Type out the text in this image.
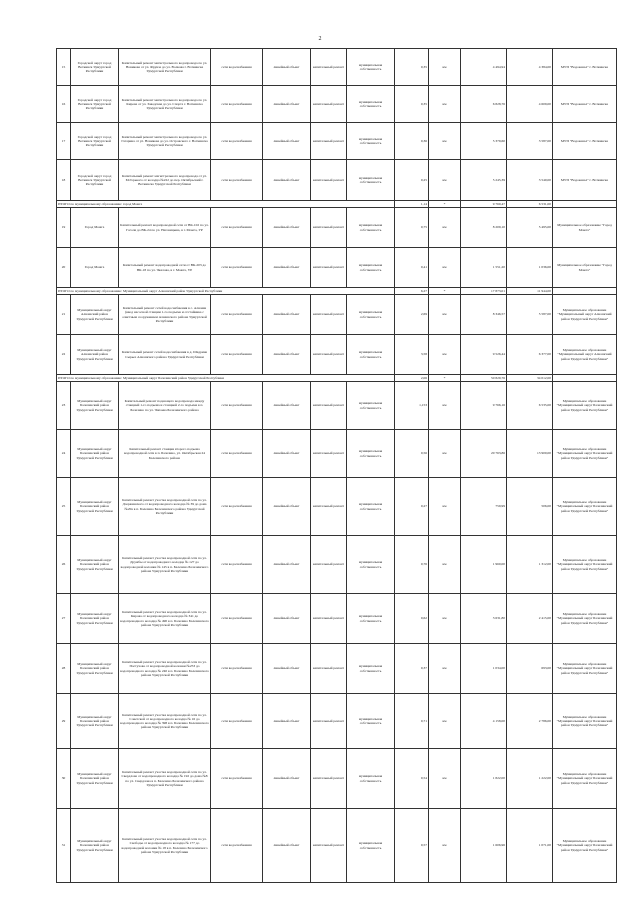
2
15	Городской округ город Воткинск Удмуртской Республики	Капитальный ремонт магистрального водопровода по ул. Новикова от ул. Фрунзе до ул. Волкова г. Воткинска Удмуртской Республики	сети водоснабжения	линейный объект	капитальный ремонт	муниципальная собственность	0,35	км	4 494,94	4 384,00	МУП "Водоканал" г. Воткинска
16	Городской округ город Воткинск Удмуртской Республики	Капитальный ремонт магистрального водопровода по ул. Кирова от ул. Заводская до ул. Спорта г. Воткинска Удмуртской Республики	сети водоснабжения	линейный объект	капитальный ремонт	муниципальная собственность	0,35	км	6 828,76	4 609,00	МУП "Водоканал" г. Воткинска
17	Городской округ город Воткинск Удмуртской Республики	Капитальный ремонт магистрального водопровода по ул. Гагарина от ул. Новикова до ул. Островского г. Воткинска Удмуртской Республики	сети водоснабжения	линейный объект	капитальный ремонт	муниципальная собственность	0,36	км	5 379,60	3 587,00	МУП "Водоканал" г. Воткинска
18	Городской округ город Воткинск Удмуртской Республики	Капитальный ремонт магистрального водопровода от ул. М.Горького от колодца №222 до пер. Октябрьский г. Воткинска Удмуртской Республики	сети водоснабжения	линейный объект	капитальный ремонт	муниципальная собственность	0,25	км	5 245,39	3 540,00	МУП "Водоканал" г. Воткинска
ИТОГО по муниципальному образованию: город Можга							1,14	*	9 760,47	6 531,00	
19	Город Можга	Капитальный ремонт водопроводной сети от ВК-102 по ул. Гоголя до ВК-24 по ул. Наговицына, в г. Можга, УР	сети водоснабжения	линейный объект	капитальный ремонт	муниципальная собственность	0,75	км	8 209,10	5 495,00	Муниципальное образование "Город Можга"
20	Город Можга	Капитальный ремонт водопроводной сети от ВК-203 до ВК-18 по ул. Чкалова, в г. Можга, УР	сети водоснабжения	линейный объект	капитальный ремонт	муниципальная собственность	0,41	км	1 551,20	1 036,00	Муниципальное образование "Город Можга"
ИТОГО по муниципальному образованию: Муниципальный округ Алнашский район Удмуртской Республики							6,27	*	17 873,01	11 944,00	
21	Муниципальный округ Алнашский район Удмуртской Республики	Капитальный ремонт сетей водоснабжения в с. Алнаши (ввод насосной станции 1-го подъема и отстойника с очистным сооружением Алнашского района Удмуртской Республики	сети водоснабжения	линейный объект	капитальный ремонт	муниципальная собственность	2,69	км	8 346,57	5 587,00	Муниципальное образование "Муниципальный округ Алнашский район Удмуртской Республики"
22	Муниципальный округ Алнашский район Удмуртской Республики	Капитальный ремонт сетей водоснабжения в д. Шадрина Сырьез Алнашского района Удмуртской Республики	сети водоснабжения	линейный объект	капитальный ремонт	муниципальная собственность	3,58	км	9 526,44	6 377,00	Муниципальное образование "Муниципальный округ Алнашский район Удмуртской Республики"
ИТОГО по муниципальному образованию: Муниципальный округ Балезинский район Удмуртской Республики							2,06	*	50 829,76	34 012,00	
23	Муниципальный округ Балезинский район Удмуртской Республики	Капитальный ремонт подающего водопровода между станцией 1-го подъема и станцией 2-го подъема в п. Балезино по ул. Чапаева Балезинского района	сети водоснабжения	линейный объект	капитальный ремонт	муниципальная собственность	1,153	км	9 766,16	6 535,00	Муниципальное образование "Муниципальный округ Балезинский район Удмуртской Республики"
24	Муниципальный округ Балезинский район Удмуртской Республики	Капитальный ремонт станции второго подъема водопроводной сети в п. Балезино, ул. Октябрьская 24 Балезинского района	сети водоснабжения	линейный объект	капитальный ремонт	муниципальная собственность	0,56	км	20 763,86	13 900,00	Муниципальное образование "Муниципальный округ Балезинский район Удмуртской Республики"
25	Муниципальный округ Балезинский район Удмуртской Республики	Капитальный ремонт участка водопроводной сети по ул. Дзержинского от водопроводного колодца № 39 до дома №20а в п. Балезино Балезинского района Удмуртской Республики	сети водоснабжения	линейный объект	капитальный ремонт	муниципальная собственность	0,27	км	759,99	506,00	Муниципальное образование "Муниципальный округ Балезинский район Удмуртской Республики"
26	Муниципальный округ Балезинский район Удмуртской Республики	Капитальный ремонт участка водопроводной сети по ул. Дружбы от водопроводного колодца № 127 до водопроводной колонки № 145 в п. Балезино Балезинского района Удмуртской Республики	сети водоснабжения	линейный объект	капитальный ремонт	муниципальная собственность	0,76	км	1 960,00	1 312,00	Муниципальное образование "Муниципальный округ Балезинский район Удмуртской Республики"
27	Муниципальный округ Балезинский район Удмуртской Республики	Капитальный ремонт участка водопроводной сети по ул. Кирова от водопроводного колодца № 341 до водопроводного колодца № 490 в п. Балезино Балезинского района Удмуртской Республики	сети водоснабжения	линейный объект	капитальный ремонт	муниципальная собственность	0,62	км	3 631,80	2 415,00	Муниципальное образование "Муниципальный округ Балезинский район Удмуртской Республики"
28	Муниципальный округ Балезинский район Удмуртской Республики	Капитальный ремонт участка водопроводной сети по ул. Пастухова от водопроводной колонки №253 до водопроводного колодца № 240 в п. Балезино Балезинского района Удмуртской Республики	сети водоснабжения	линейный объект	капитальный ремонт	муниципальная собственность	0,37	км	1 034,00	693,00	Муниципальное образование "Муниципальный округ Балезинский район Удмуртской Республики"
29	Муниципальный округ Балезинский район Удмуртской Республики	Капитальный ремонт участка водопроводной сети по ул. Советской от водопроводного колодца № 16 до водопроводного колодца № 398 в п. Балезино Балезинского района Удмуртской Республики	сети водоснабжения	линейный объект	капитальный ремонт	муниципальная собственность	0,71	км	4 158,00	2 786,00	Муниципальное образование "Муниципальный округ Балезинский район Удмуртской Республики"
30	Муниципальный округ Балезинский район Удмуртской Республики	Капитальный ремонт участка водопроводной сети по ул. Свердлова от водопроводного колодца № 192 до дома №8 по ул. Свердлова в п. Балезино Балезинского района Удмуртской Республики	сети водоснабжения	линейный объект	капитальный ремонт	муниципальная собственность	0,54	км	1 822,00	1 222,00	Муниципальное образование "Муниципальный округ Балезинский район Удмуртской Республики"
31	Муниципальный округ Балезинский район Удмуртской Республики	Капитальный ремонт участка водопроводной сети по ул. Свободы от водопроводного колодца № 177 до водопроводной колонки № 18 в п. Балезино Балезинского района Удмуртской Республики	сети водоснабжения	линейный объект	капитальный ремонт	муниципальная собственность	0,57	км	1 606,96	1 071,00	Муниципальное образование "Муниципальный округ Балезинский район Удмуртской Республики"
